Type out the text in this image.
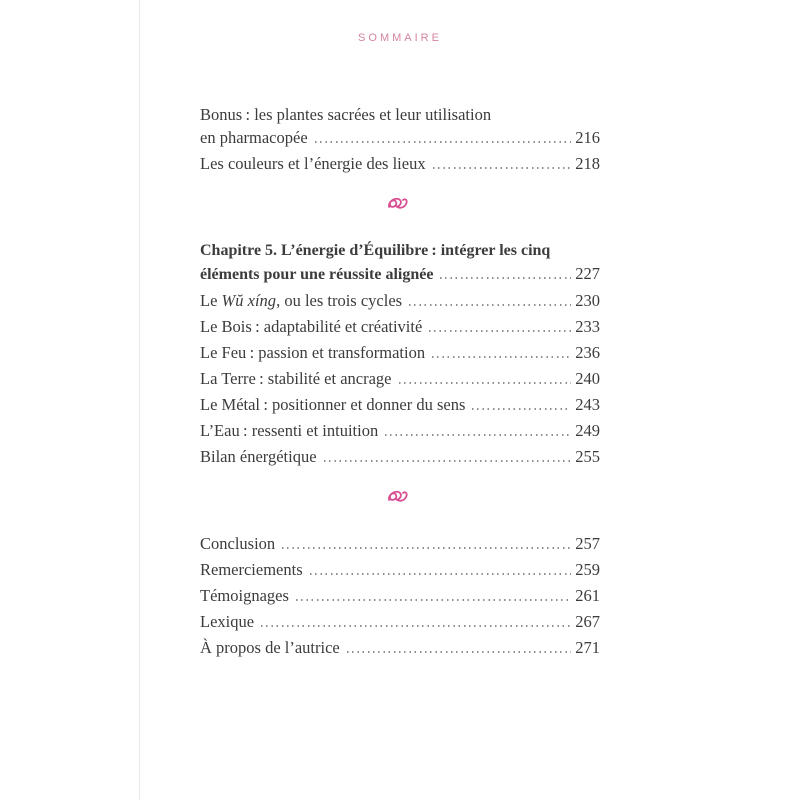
SOMMAIRE
Bonus : les plantes sacrées et leur utilisation
en pharmacopée	216
Les couleurs et l’énergie des lieux	218
Chapitre 5. L’énergie d’Équilibre : intégrer les cinq
éléments pour une réussite alignée	227
Le Wŭ xíng, ou les trois cycles	230
Le Bois : adaptabilité et créativité	233
Le Feu : passion et transformation	236
La Terre : stabilité et ancrage	240
Le Métal : positionner et donner du sens	243
L’Eau : ressenti et intuition	249
Bilan énergétique	255
Conclusion	257
Remerciements	259
Témoignages	261
Lexique	267
À propos de l’autrice	271
